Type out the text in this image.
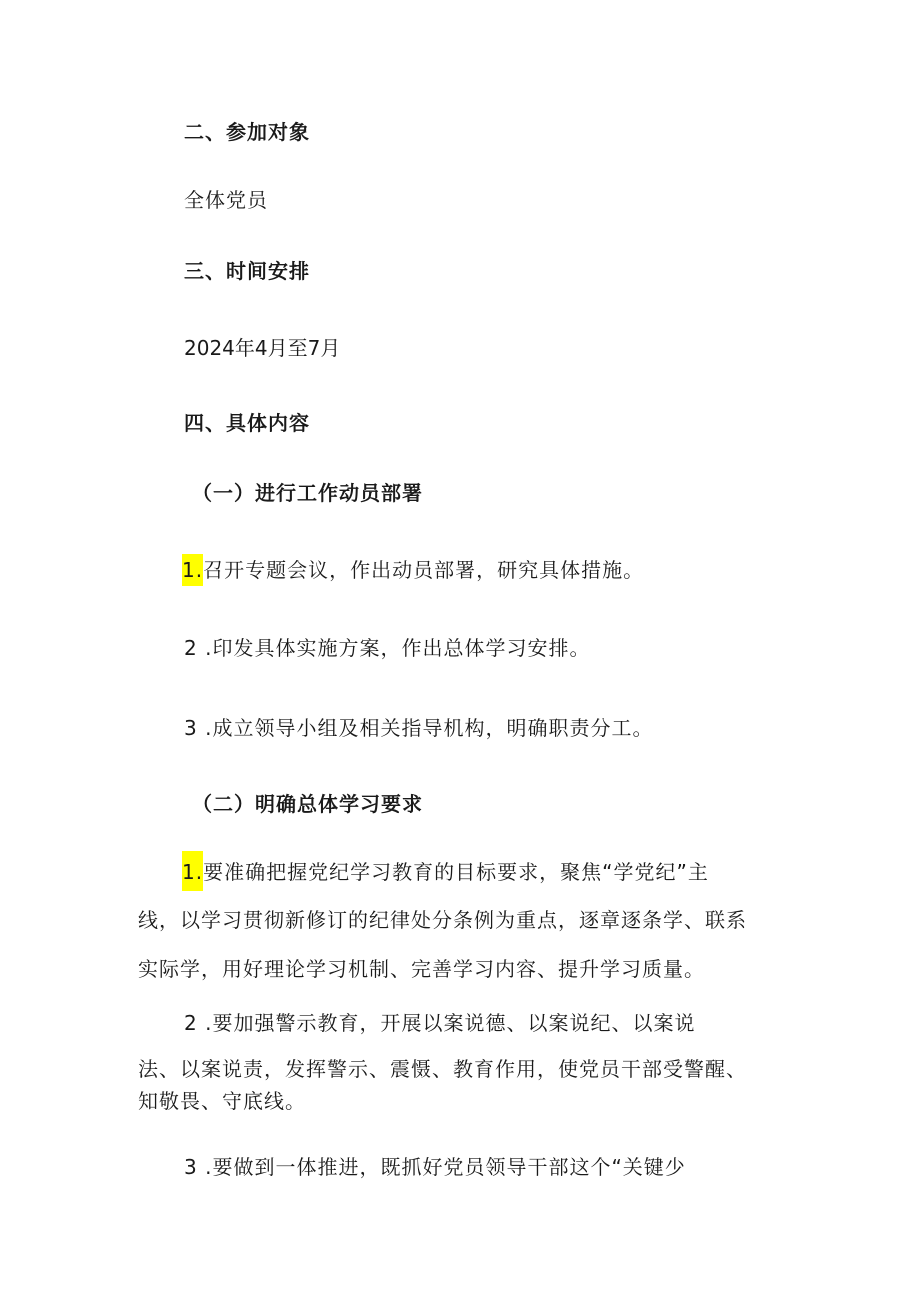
二、参加对象
全体党员
三、时间安排
2024年4月至7月
四、具体内容
（一）进行工作动员部署
1.召开专题会议，作出动员部署，研究具体措施。
2 .印发具体实施方案，作出总体学习安排。
3 .成立领导小组及相关指导机构，明确职责分工。
（二）明确总体学习要求
1.要准确把握党纪学习教育的目标要求，聚焦“学党纪”主
线，以学习贯彻新修订的纪律处分条例为重点，逐章逐条学、联系
实际学，用好理论学习机制、完善学习内容、提升学习质量。
2 .要加强警示教育，开展以案说德、以案说纪、以案说
法、以案说责，发挥警示、震慑、教育作用，使党员干部受警醒、
知敬畏、守底线。
3 .要做到一体推进，既抓好党员领导干部这个“关键少
